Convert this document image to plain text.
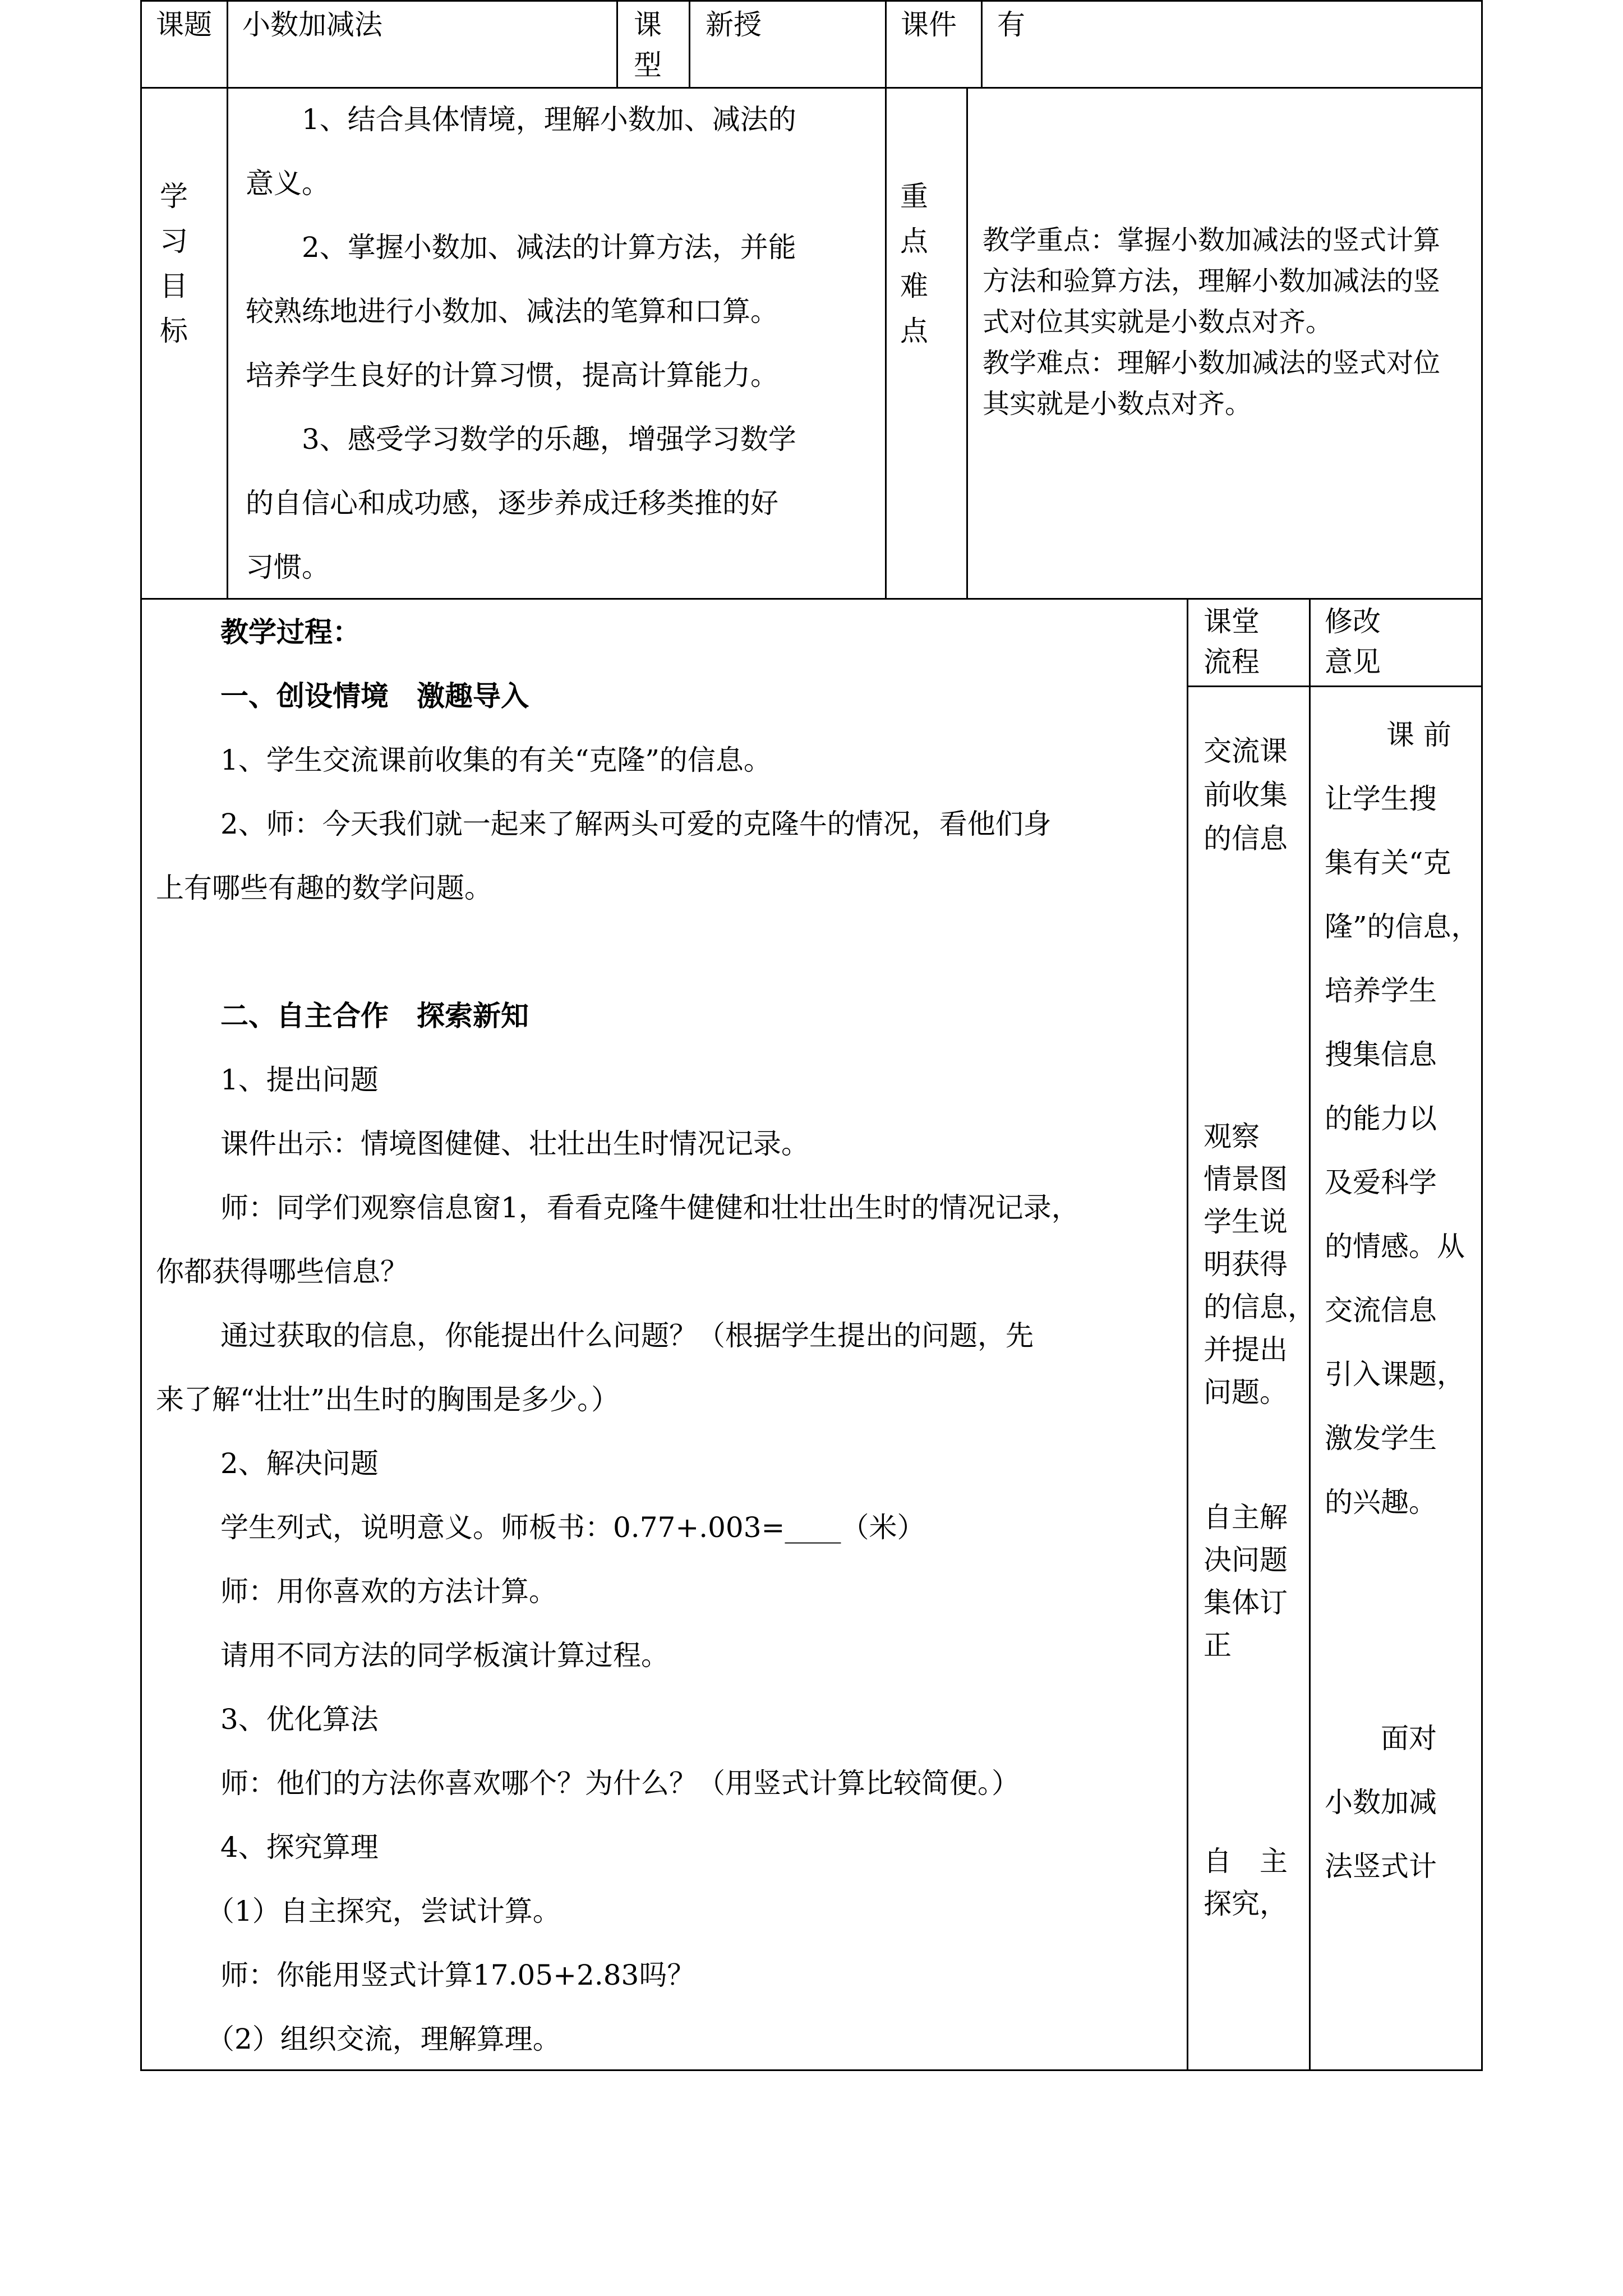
课题 小数加减法	课
型
新授	课件 有
学
习
目
标

1、结合具体情境，理解小数加、减法的

意义。

2、掌握小数加、减法的计算方法，并能

较熟练地进行小数加、减法的笔算和口算。

培养学生良好的计算习惯，提高计算能力。

3、感受学习数学的乐趣，增强学习数学

的自信心和成功感，逐步养成迁移类推的好

习惯。

重
点
难
点

教学重点：掌握小数加减法的竖式计算

方法和验算方法，理解小数加减法的竖

式对位其实就是小数点对齐。

教学难点：理解小数加减法的竖式对位

其实就是小数点对齐。

课堂
流程
修改
意见

教学过程：

一、创设情境　激趣导入

1、学生交流课前收集的有关“克隆”的信息。

2、师：今天我们就一起来了解两头可爱的克隆牛的情况，看他们身

上有哪些有趣的数学问题。

二、自主合作　探索新知

1、提出问题

课件出示：情境图健健、壮壮出生时情况记录。

师：同学们观察信息窗1，看看克隆牛健健和壮壮出生时的情况记录，

你都获得哪些信息？

通过获取的信息，你能提出什么问题？（根据学生提出的问题，先

来了解“壮壮”出生时的胸围是多少。）

2、解决问题

学生列式，说明意义。师板书：0.77+.003=____（米）

师：用你喜欢的方法计算。

请用不同方法的同学板演计算过程。

3、优化算法

师：他们的方法你喜欢哪个？为什么？（用竖式计算比较简便。）

4、探究算理

（1）自主探究，尝试计算。

师：你能用竖式计算17.05+2.83吗？

（2）组织交流，理解算理。

交流课

前收集

的信息

观察

情景图

学生说

明获得

的信息，

并提出

问题。

自主解

决问题

集体订

正

自　主

探究，

课 前

让学生搜

集有关“克

隆”的信息，

培养学生

搜集信息

的能力以

及爱科学

的情感。从

交流信息

引入课题，

激发学生

的兴趣。

面对

小数加减

法竖式计
